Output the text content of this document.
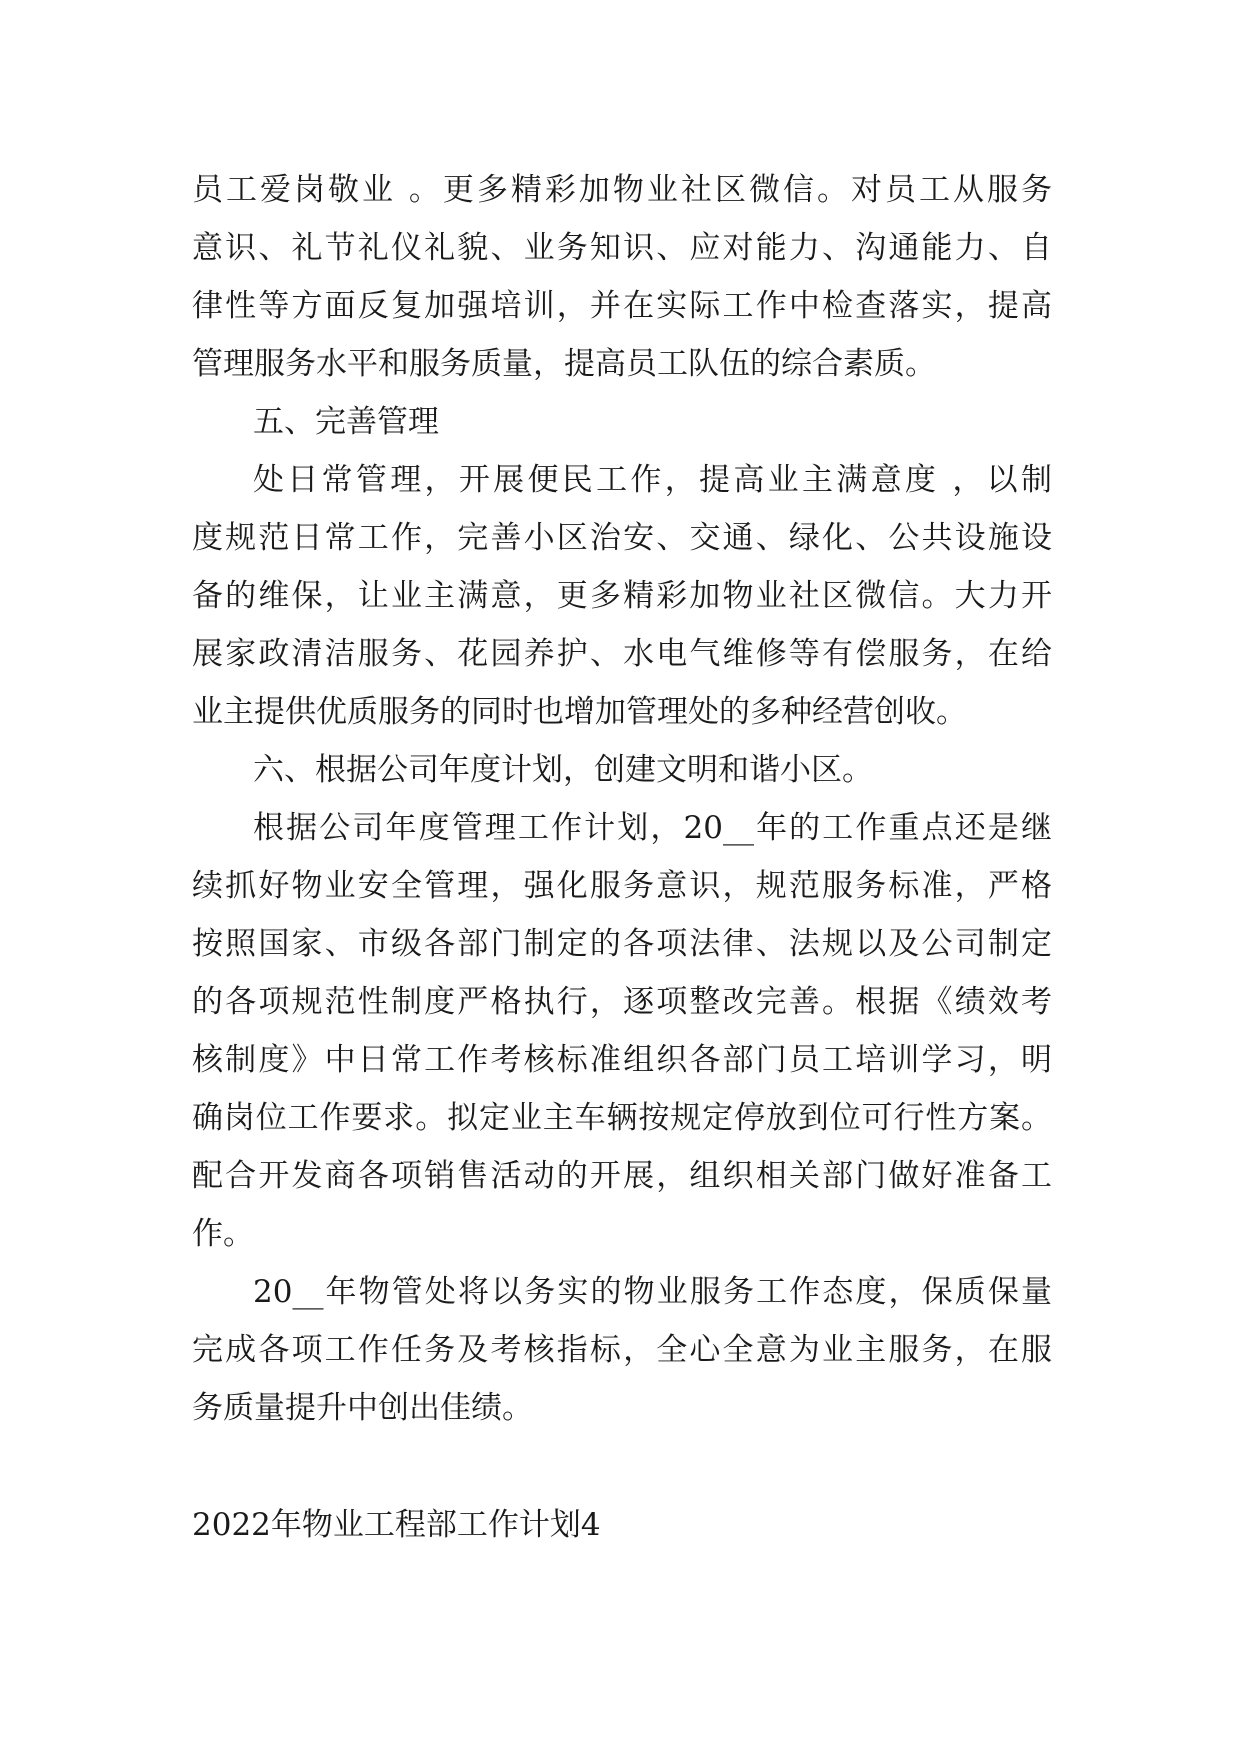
员工爱岗敬业 。更多精彩加物业社区微信。对员工从服务
意识、礼节礼仪礼貌、业务知识、应对能力、沟通能力、自
律性等方面反复加强培训，并在实际工作中检查落实，提高
管理服务水平和服务质量，提高员工队伍的综合素质。
五、完善管理
处日常管理，开展便民工作，提高业主满意度 ，以制
度规范日常工作，完善小区治安、交通、绿化、公共设施设
备的维保，让业主满意，更多精彩加物业社区微信。大力开
展家政清洁服务、花园养护、水电气维修等有偿服务，在给
业主提供优质服务的同时也增加管理处的多种经营创收。
六、根据公司年度计划，创建文明和谐小区。
根据公司年度管理工作计划，20__年的工作重点还是继
续抓好物业安全管理，强化服务意识，规范服务标准，严格
按照国家、市级各部门制定的各项法律、法规以及公司制定
的各项规范性制度严格执行，逐项整改完善。根据《绩效考
核制度》中日常工作考核标准组织各部门员工培训学习，明
确岗位工作要求。拟定业主车辆按规定停放到位可行性方案。
配合开发商各项销售活动的开展，组织相关部门做好准备工
作。
20__年物管处将以务实的物业服务工作态度，保质保量
完成各项工作任务及考核指标，全心全意为业主服务，在服
务质量提升中创出佳绩。
2022年物业工程部工作计划4
